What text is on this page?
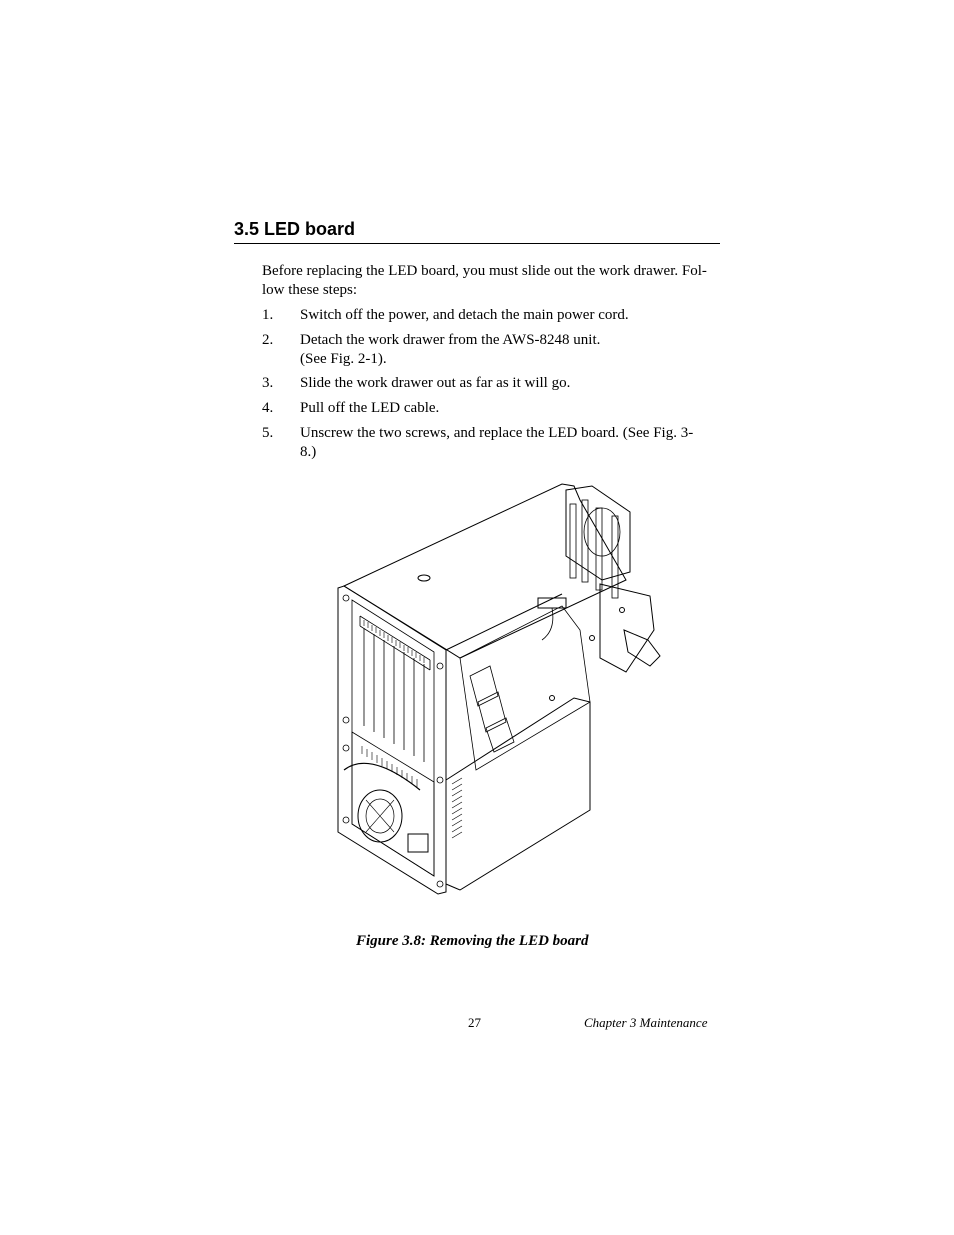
3.5 LED board
Before replacing the LED board, you must slide out the work drawer. Fol-low these steps:
1.	Switch off the power, and detach the main power cord.
2.	Detach the work drawer from the AWS-8248 unit.
(See Fig. 2-1).
3.	Slide the work drawer out as far as it will go.
4.	Pull off the LED cable.
5.	Unscrew the two screws, and replace the LED board. (See Fig. 3-
8.)
Figure 3.8: Removing the LED board
27	Chapter 3 Maintenance
